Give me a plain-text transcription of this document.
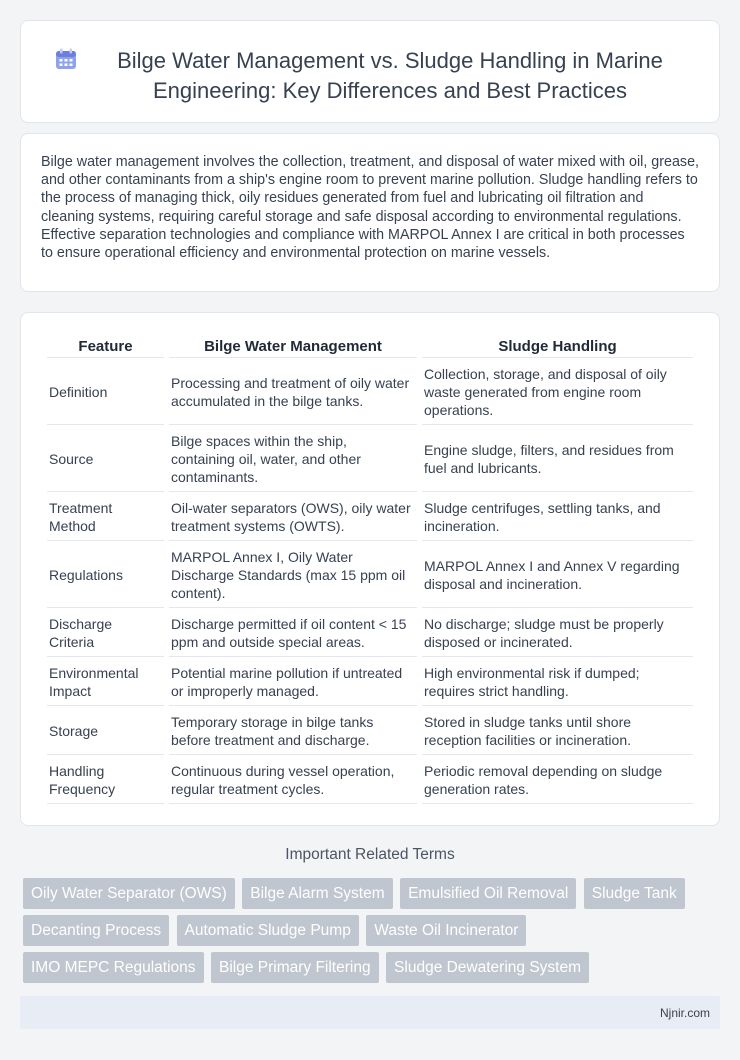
Bilge Water Management vs. Sludge Handling in Marine Engineering: Key Differences and Best Practices

Bilge water management involves the collection, treatment, and disposal of water mixed with oil, grease, and other contaminants from a ship's engine room to prevent marine pollution. Sludge handling refers to the process of managing thick, oily residues generated from fuel and lubricating oil filtration and cleaning systems, requiring careful storage and safe disposal according to environmental regulations. Effective separation technologies and compliance with MARPOL Annex I are critical in both processes to ensure operational efficiency and environmental protection on marine vessels.

Feature	Bilge Water Management	Sludge Handling
Definition	Processing and treatment of oily water accumulated in the bilge tanks.	Collection, storage, and disposal of oily waste generated from engine room operations.
Source	Bilge spaces within the ship, containing oil, water, and other contaminants.	Engine sludge, filters, and residues from fuel and lubricants.
Treatment Method	Oil-water separators (OWS), oily water treatment systems (OWTS).	Sludge centrifuges, settling tanks, and incineration.
Regulations	MARPOL Annex I, Oily Water Discharge Standards (max 15 ppm oil content).	MARPOL Annex I and Annex V regarding disposal and incineration.
Discharge Criteria	Discharge permitted if oil content < 15 ppm and outside special areas.	No discharge; sludge must be properly disposed or incinerated.
Environmental Impact	Potential marine pollution if untreated or improperly managed.	High environmental risk if dumped; requires strict handling.
Storage	Temporary storage in bilge tanks before treatment and discharge.	Stored in sludge tanks until shore reception facilities or incineration.
Handling Frequency	Continuous during vessel operation, regular treatment cycles.	Periodic removal depending on sludge generation rates.
Important Related Terms
Oily Water Separator (OWS) Bilge Alarm System Emulsified Oil Removal Sludge Tank
Decanting Process Automatic Sludge Pump Waste Oil Incinerator
IMO MEPC Regulations Bilge Primary Filtering Sludge Dewatering System
Njnir.com
